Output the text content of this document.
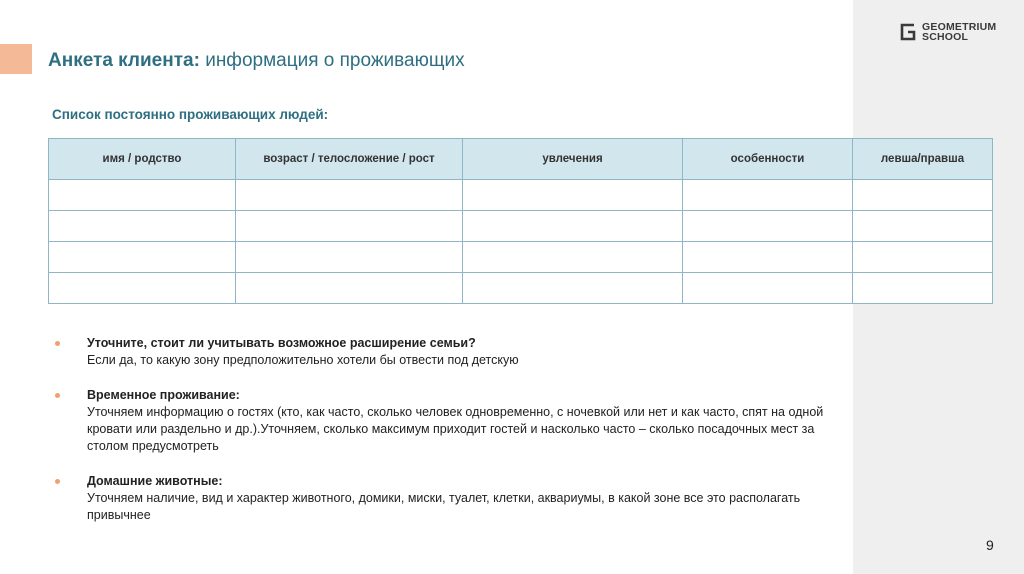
GEOMETRIUM
SCHOOL
Анкета клиента: информация о проживающих
Список постоянно проживающих людей:
имя / родство	возраст / телосложение / рост	увлечения	особенности	левша/правша

Уточните, стоит ли учитывать возможное расширение семьи?
Если да, то какую зону предположительно хотели бы отвести под детскую
Временное проживание:
Уточняем информацию о гостях (кто, как часто, сколько человек одновременно, с ночевкой или нет и как часто, спят на одной кровати или раздельно и др.).Уточняем, сколько максимум приходит гостей и насколько часто – сколько посадочных мест за столом предусмотреть
Домашние животные:
Уточняем наличие, вид и характер животного, домики, миски, туалет, клетки, аквариумы, в какой зоне все это располагать привычнее
9
